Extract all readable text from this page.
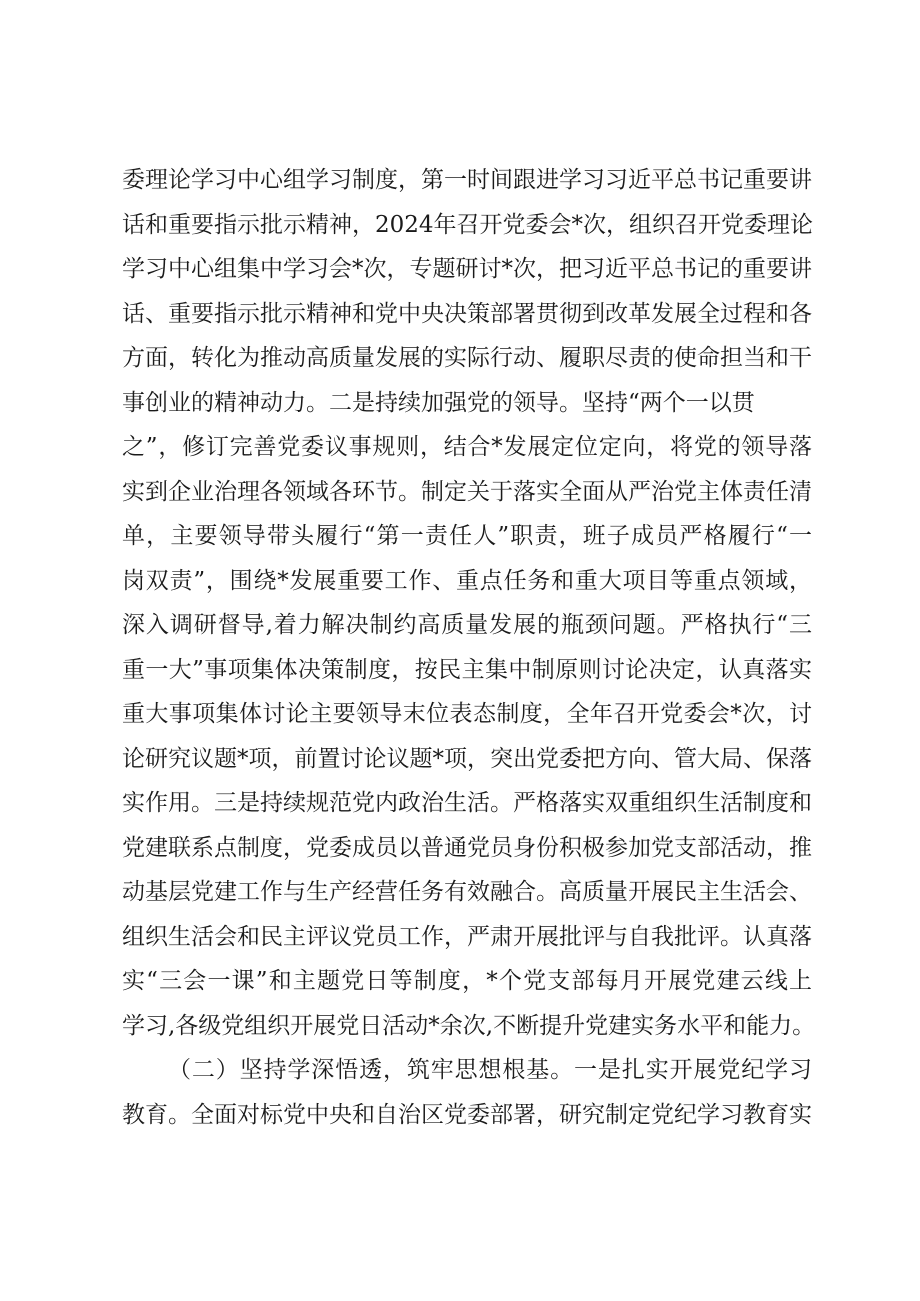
委理论学习中心组学习制度，第一时间跟进学习习近平总书记重要讲
话和重要指示批示精神，2024年召开党委会*次，组织召开党委理论
学习中心组集中学习会*次，专题研讨*次，把习近平总书记的重要讲
话、重要指示批示精神和党中央决策部署贯彻到改革发展全过程和各
方面，转化为推动高质量发展的实际行动、履职尽责的使命担当和干
事创业的精神动力。二是持续加强党的领导。坚持“两个一以贯
之”，修订完善党委议事规则，结合*发展定位定向，将党的领导落
实到企业治理各领域各环节。制定关于落实全面从严治党主体责任清
单，主要领导带头履行“第一责任人”职责，班子成员严格履行“一
岗双责”，围绕*发展重要工作、重点任务和重大项目等重点领域，
深入调研督导,着力解决制约高质量发展的瓶颈问题。严格执行“三
重一大”事项集体决策制度，按民主集中制原则讨论决定，认真落实
重大事项集体讨论主要领导末位表态制度，全年召开党委会*次，讨
论研究议题*项，前置讨论议题*项，突出党委把方向、管大局、保落
实作用。三是持续规范党内政治生活。严格落实双重组织生活制度和
党建联系点制度，党委成员以普通党员身份积极参加党支部活动，推
动基层党建工作与生产经营任务有效融合。高质量开展民主生活会、
组织生活会和民主评议党员工作，严肃开展批评与自我批评。认真落
实“三会一课”和主题党日等制度，*个党支部每月开展党建云线上
学习,各级党组织开展党日活动*余次,不断提升党建实务水平和能力。
（二）坚持学深悟透，筑牢思想根基。一是扎实开展党纪学习
教育。全面对标党中央和自治区党委部署，研究制定党纪学习教育实
